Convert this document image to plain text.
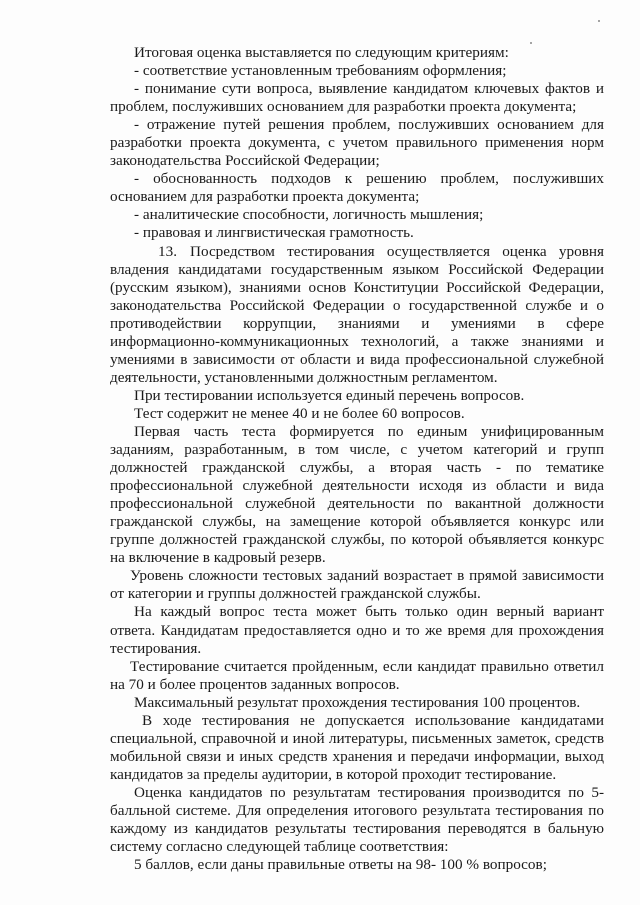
Итоговая оценка выставляется по следующим критериям:

- соответствие установленным требованиям оформления;

- понимание сути вопроса, выявление кандидатом ключевых фактов и проблем, послуживших основанием для разработки проекта документа;

- отражение путей решения проблем, послуживших основанием для разработки проекта документа, с учетом правильного применения норм законодательства Российской Федерации;

- обоснованность подходов к решению проблем, послуживших основанием для разработки проекта документа;

- аналитические способности, логичность мышления;

- правовая и лингвистическая грамотность.

13. Посредством тестирования осуществляется оценка уровня владения кандидатами государственным языком Российской Федерации (русским языком), знаниями основ Конституции Российской Федерации, законодательства Российской Федерации о государственной службе и о противодействии коррупции, знаниями и умениями в сфере информационно-коммуникационных технологий, а также знаниями и умениями в зависимости от области и вида профессиональной служебной деятельности, установленными должностным регламентом.

При тестировании используется единый перечень вопросов.

Тест содержит не менее 40 и не более 60 вопросов.

Первая часть теста формируется по единым унифицированным заданиям, разработанным, в том числе, с учетом категорий и групп должностей гражданской службы, а вторая часть - по тематике профессиональной служебной деятельности исходя из области и вида профессиональной служебной деятельности по вакантной должности гражданской службы, на замещение которой объявляется конкурс или группе должностей гражданской службы, по которой объявляется конкурс на включение в кадровый резерв.

Уровень сложности тестовых заданий возрастает в прямой зависимости от категории и группы должностей гражданской службы.

На каждый вопрос теста может быть только один верный вариант ответа. Кандидатам предоставляется одно и то же время для прохождения тестирования.

Тестирование считается пройденным, если кандидат правильно ответил на 70 и более процентов заданных вопросов.

Максимальный результат прохождения тестирования 100 процентов.

В ходе тестирования не допускается использование кандидатами специальной, справочной и иной литературы, письменных заметок, средств мобильной связи и иных средств хранения и передачи информации, выход кандидатов за пределы аудитории, в которой проходит тестирование.

Оценка кандидатов по результатам тестирования производится по 5-балльной системе. Для определения итогового результата тестирования по каждому из кандидатов результаты тестирования переводятся в бальную систему согласно следующей таблице соответствия:

5 баллов, если даны правильные ответы на 98- 100 % вопросов;
